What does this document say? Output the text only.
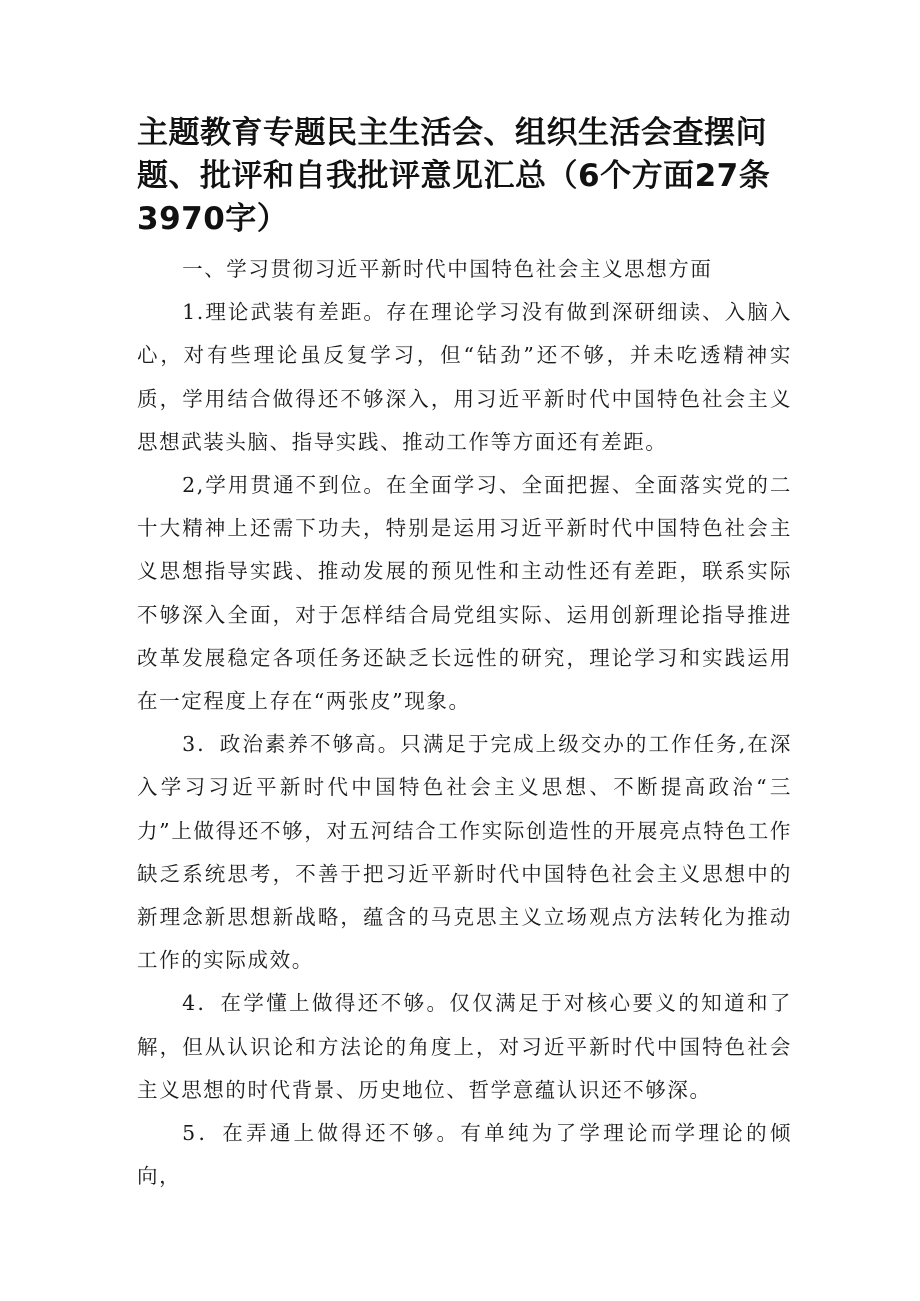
主题教育专题民主生活会、组织生活会查摆问题、批评和自我批评意见汇总（6个方面27条3970字）

一、学习贯彻习近平新时代中国特色社会主义思想方面

1.理论武装有差距。存在理论学习没有做到深研细读、入脑入心，对有些理论虽反复学习，但“钻劲”还不够，并未吃透精神实质，学用结合做得还不够深入，用习近平新时代中国特色社会主义思想武装头脑、指导实践、推动工作等方面还有差距。

2,学用贯通不到位。在全面学习、全面把握、全面落实党的二十大精神上还需下功夫，特别是运用习近平新时代中国特色社会主义思想指导实践、推动发展的预见性和主动性还有差距，联系实际不够深入全面，对于怎样结合局党组实际、运用创新理论指导推进改革发展稳定各项任务还缺乏长远性的研究，理论学习和实践运用在一定程度上存在“两张皮”现象。

3．政治素养不够高。只满足于完成上级交办的工作任务,在深入学习习近平新时代中国特色社会主义思想、不断提高政治“三力”上做得还不够，对五河结合工作实际创造性的开展亮点特色工作缺乏系统思考，不善于把习近平新时代中国特色社会主义思想中的新理念新思想新战略，蕴含的马克思主义立场观点方法转化为推动工作的实际成效。

4．在学懂上做得还不够。仅仅满足于对核心要义的知道和了解，但从认识论和方法论的角度上，对习近平新时代中国特色社会主义思想的时代背景、历史地位、哲学意蕴认识还不够深。

5．在弄通上做得还不够。有单纯为了学理论而学理论的倾向，
